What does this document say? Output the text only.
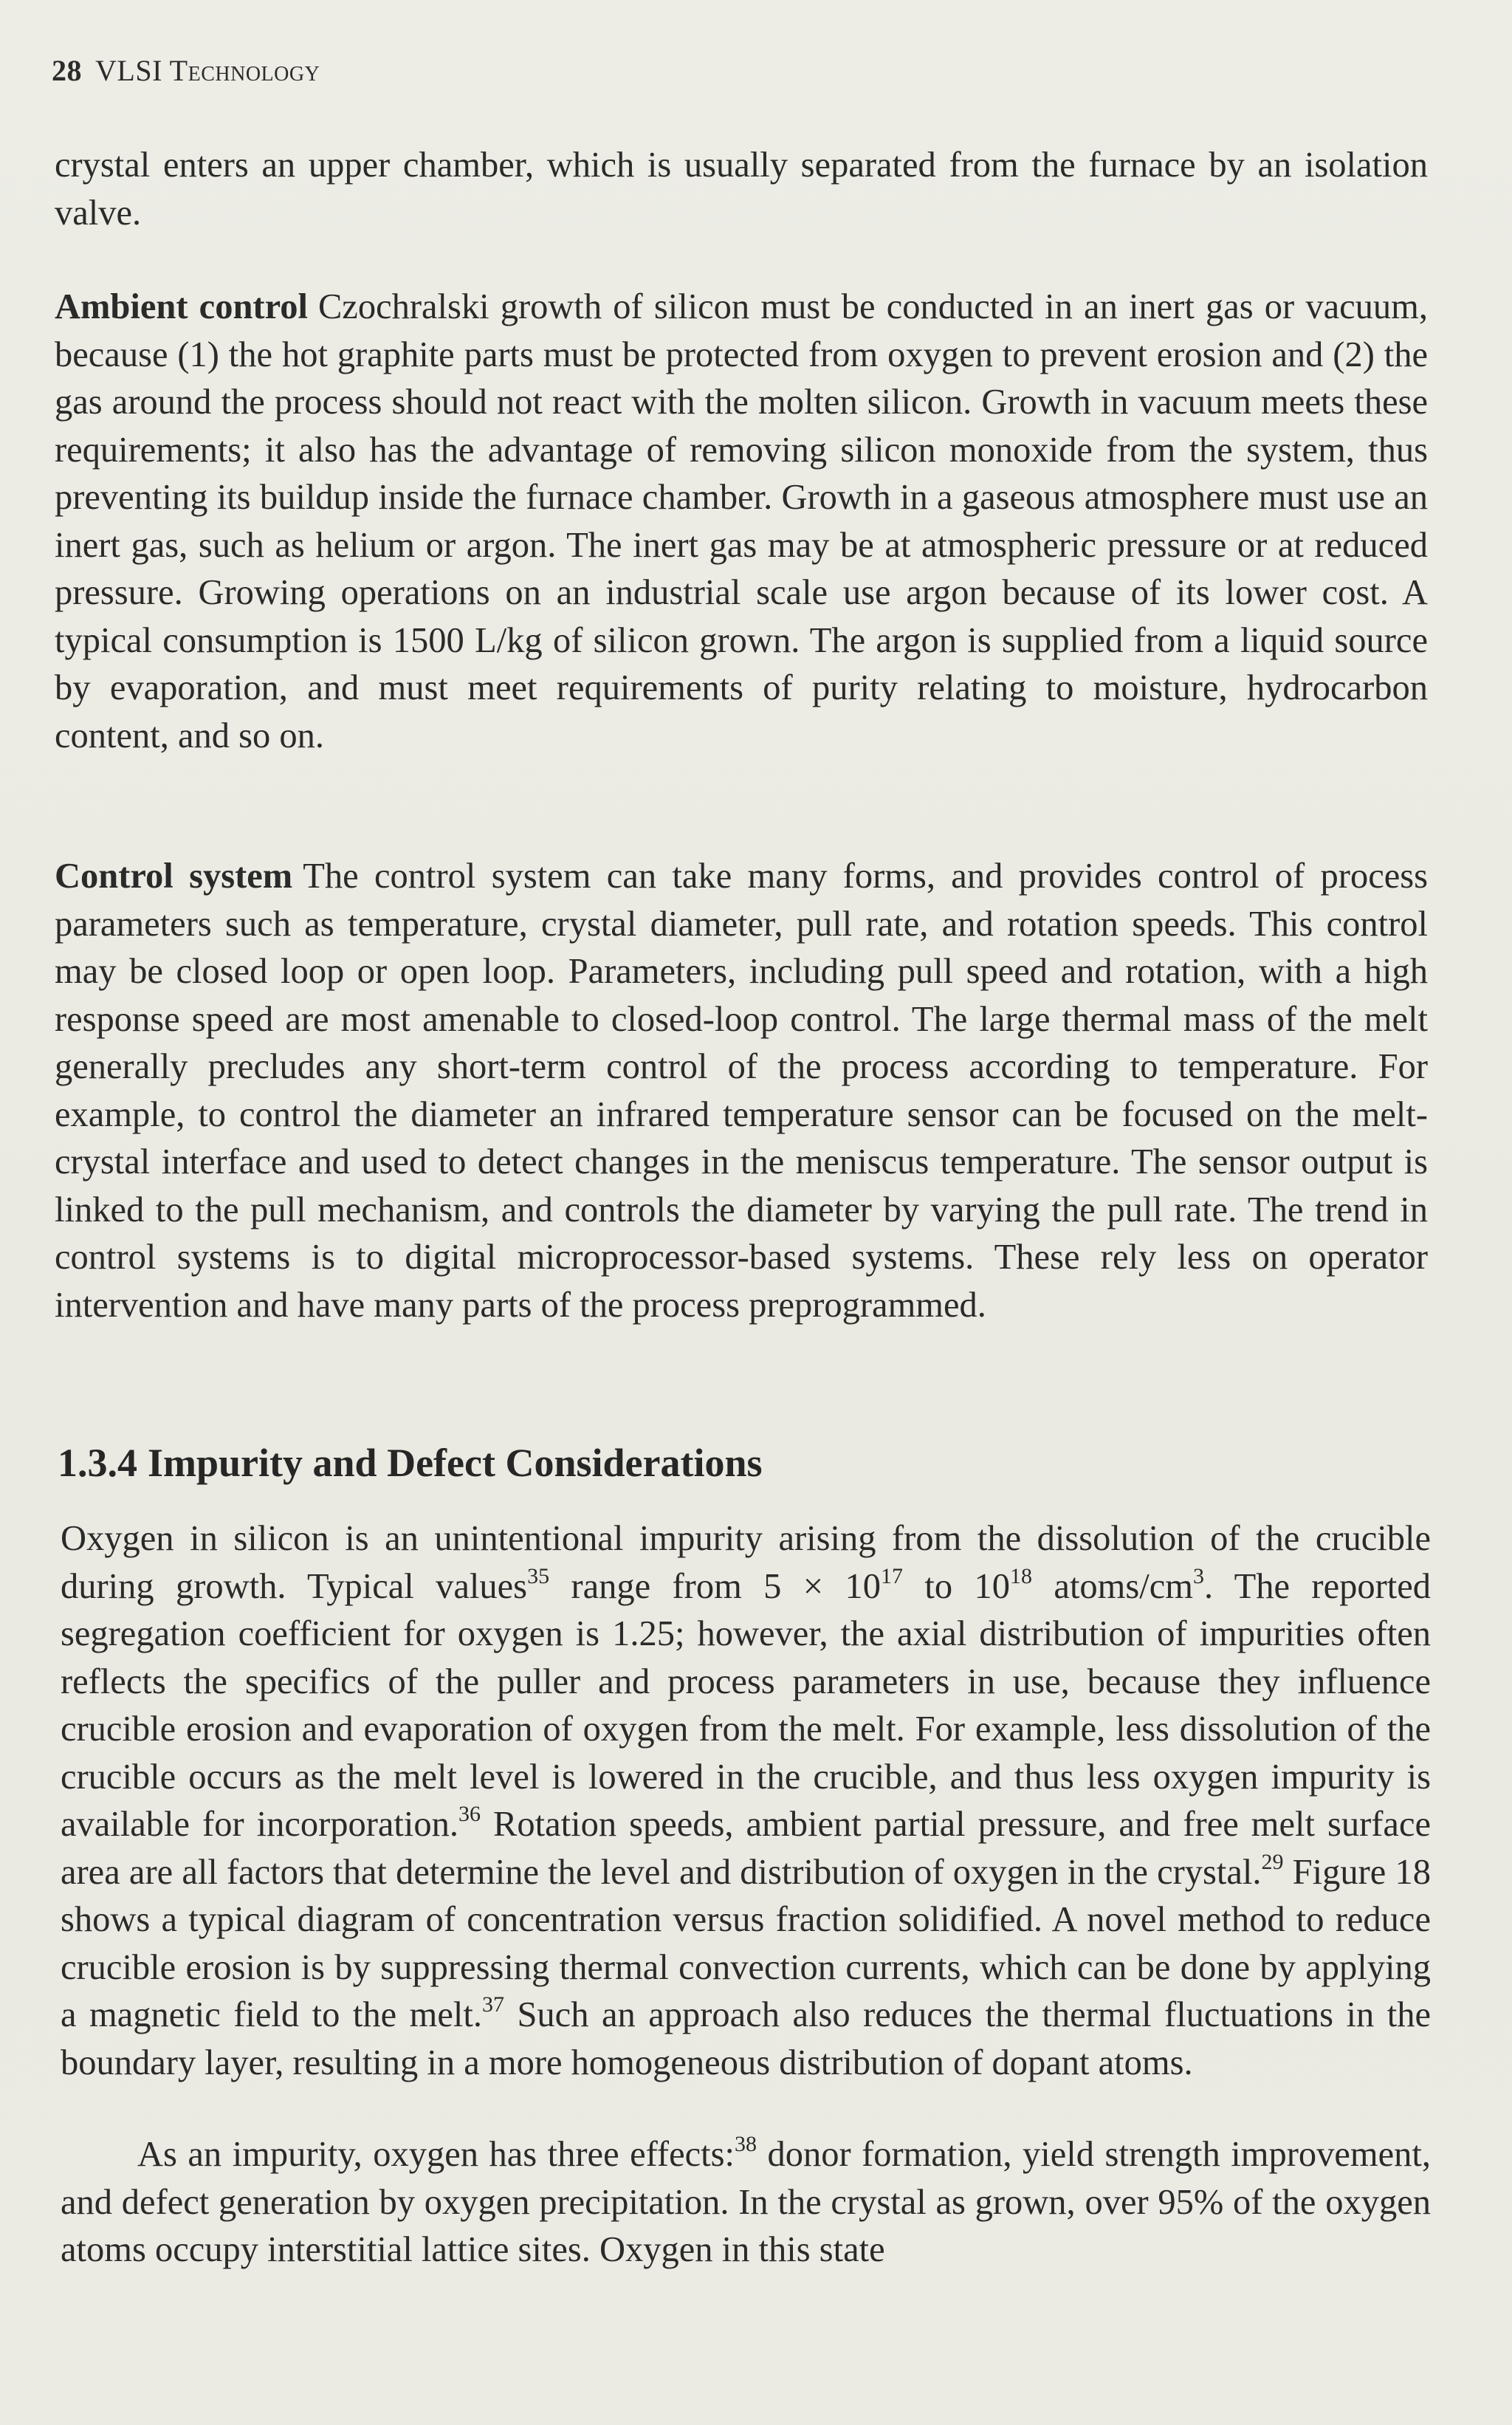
28 VLSI Technology

crystal enters an upper chamber, which is usually separated from the furnace by an isolation valve.

Ambient control Czochralski growth of silicon must be conducted in an inert gas or vacuum, because (1) the hot graphite parts must be protected from oxygen to prevent erosion and (2) the gas around the process should not react with the molten silicon. Growth in vacuum meets these requirements; it also has the advantage of removing silicon monoxide from the system, thus preventing its buildup inside the furnace chamber. Growth in a gaseous atmosphere must use an inert gas, such as helium or argon. The inert gas may be at atmospheric pressure or at reduced pressure. Growing operations on an industrial scale use argon because of its lower cost. A typical consumption is 1500 L/kg of silicon grown. The argon is supplied from a liquid source by evaporation, and must meet requirements of purity relating to moisture, hydrocarbon content, and so on.

Control system The control system can take many forms, and provides control of process parameters such as temperature, crystal diameter, pull rate, and rotation speeds. This control may be closed loop or open loop. Parameters, including pull speed and rotation, with a high response speed are most amenable to closed-loop control. The large thermal mass of the melt generally precludes any short-term control of the process according to temperature. For example, to control the diameter an infrared temperature sensor can be focused on the melt-crystal interface and used to detect changes in the meniscus temperature. The sensor output is linked to the pull mechanism, and controls the diameter by varying the pull rate. The trend in control systems is to digital microprocessor-based systems. These rely less on operator intervention and have many parts of the process preprogrammed.

1.3.4 Impurity and Defect Considerations

Oxygen in silicon is an unintentional impurity arising from the dissolution of the crucible during growth. Typical values$^{35}$ range from $5 \times 10^{17}$ to $10^{18}$ atoms/$cm^3$. The reported segregation coefficient for oxygen is 1.25; however, the axial distribution of impurities often reflects the specifics of the puller and process parameters in use, because they influence crucible erosion and evaporation of oxygen from the melt. For example, less dissolution of the crucible occurs as the melt level is lowered in the crucible, and thus less oxygen impurity is available for incorporation.$^{36}$ Rotation speeds, ambient partial pressure, and free melt surface area are all factors that determine the level and distribution of oxygen in the crystal.$^{29}$ Figure 18 shows a typical diagram of concentration versus fraction solidified. A novel method to reduce crucible erosion is by suppressing thermal convection currents, which can be done by applying a magnetic field to the melt.$^{37}$ Such an approach also reduces the thermal fluctuations in the boundary layer, resulting in a more homogeneous distribution of dopant atoms.

As an impurity, oxygen has three effects:$^{38}$ donor formation, yield strength improvement, and defect generation by oxygen precipitation. In the crystal as grown, over 95% of the oxygen atoms occupy interstitial lattice sites. Oxygen in this state
